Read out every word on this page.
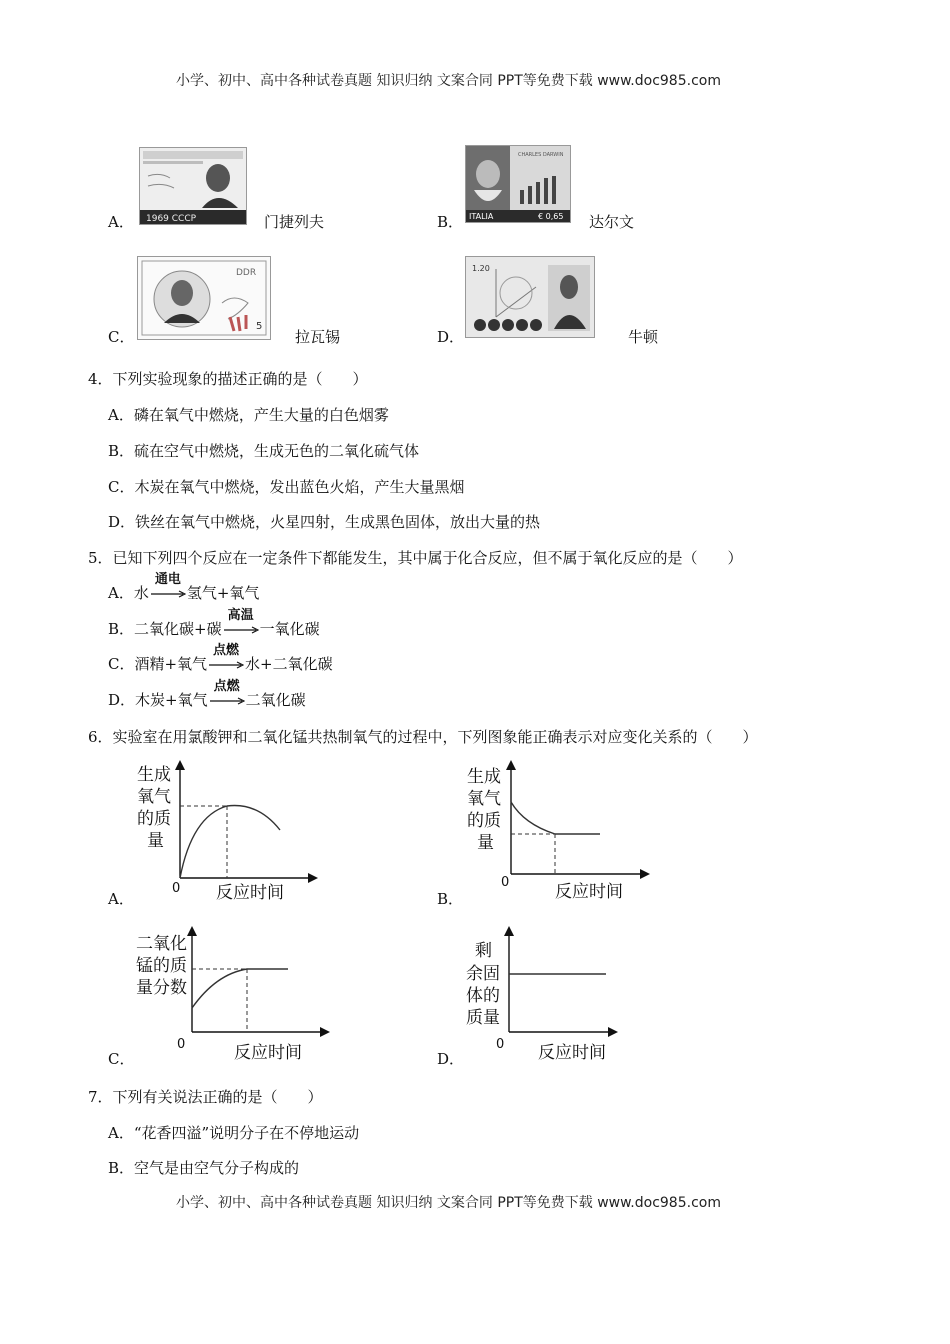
小学、初中、高中各种试卷真题 知识归纳 文案合同 PPT等免费下载 www.doc985.com
小学、初中、高中各种试卷真题 知识归纳 文案合同 PPT等免费下载 www.doc985.com
A． 1969 CCCP	门捷列夫	B．
CHARLES DARWIN
ITALIA	€ 0,65 达尔文
C．
DDR
5
拉瓦锡	D．
1.20
牛顿
4．下列实验现象的描述正确的是（　　）
A．磷在氧气中燃烧，产生大量的白色烟雾
B．硫在空气中燃烧，生成无色的二氧化硫气体
C．木炭在氧气中燃烧，发出蓝色火焰，产生大量黑烟
D．铁丝在氧气中燃烧，火星四射，生成黑色固体，放出大量的热
5．已知下列四个反应在一定条件下都能发生，其中属于化合反应，但不属于氧化反应的是（　　）
A．水
通电
氢气+氧气
B．二氧化碳+碳
高温
一氧化碳
C．酒精+氧气
点燃
水+二氧化碳
D．木炭+氧气
点燃
二氧化碳
6．实验室在用氯酸钾和二氧化锰共热制氧气的过程中，下列图象能正确表示对应变化关系的（　　）
A．
生成
氧气
的质
量
0 反应时间	B．
生成
氧气
的质
量
0	反应时间
C．
二氧化
锰的质
量分数
0	反应时间	D．
剩
余固
体的
质量
0 反应时间
7．下列有关说法正确的是（　　）
A．“花香四溢”说明分子在不停地运动
B．空气是由空气分子构成的
